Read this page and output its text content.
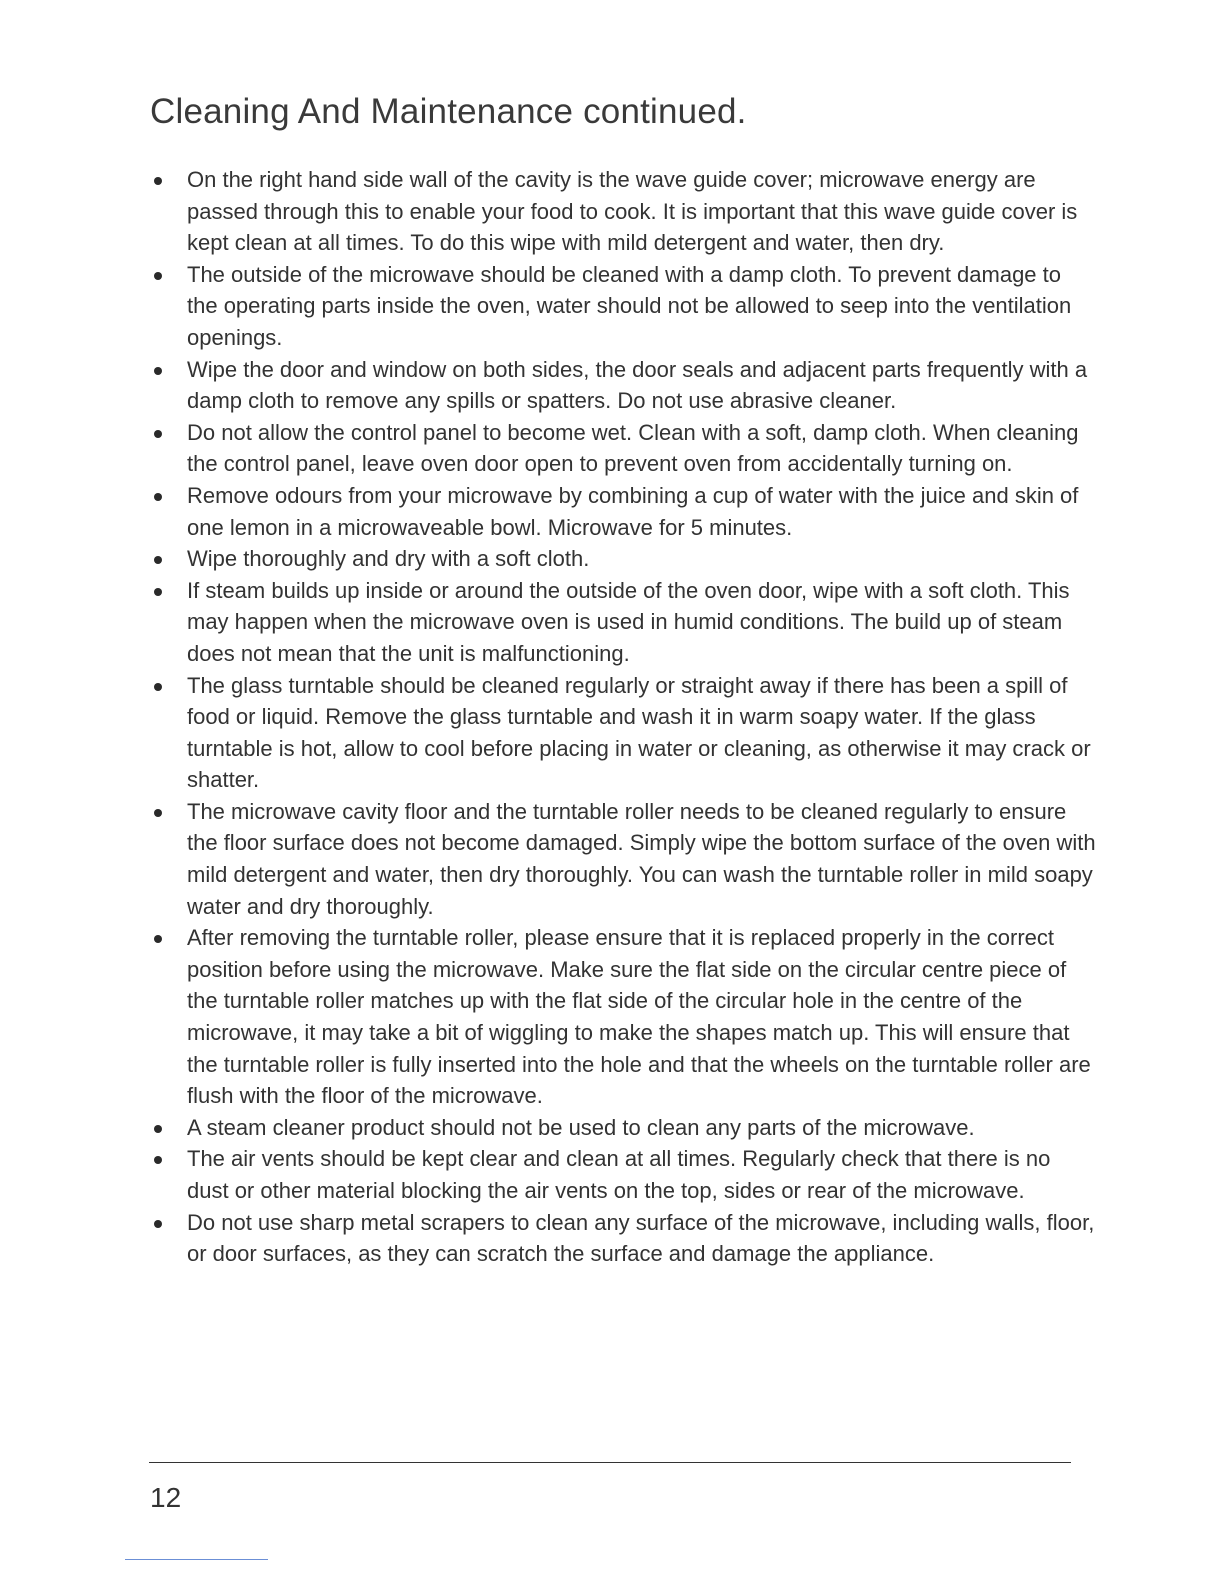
Cleaning And Maintenance continued.
On the right hand side wall of the cavity is the wave guide cover; microwave energy are passed through this to enable your food to cook. It is important that this wave guide cover is kept clean at all times. To do this wipe with mild detergent and water, then dry.
The outside of the microwave should be cleaned with a damp cloth. To prevent damage to the operating parts inside the oven, water should not be allowed to seep into the ventilation openings.
Wipe the door and window on both sides, the door seals and adjacent parts frequently with a damp cloth to remove any spills or spatters. Do not use abrasive cleaner.
Do not allow the control panel to become wet. Clean with a soft, damp cloth. When cleaning the control panel, leave oven door open to prevent oven from accidentally turning on.
Remove odours from your microwave by combining a cup of water with the juice and skin of one lemon in a microwaveable bowl. Microwave for 5 minutes.
Wipe thoroughly and dry with a soft cloth.
If steam builds up inside or around the outside of the oven door, wipe with a soft cloth. This may happen when the microwave oven is used in humid conditions. The build up of steam does not mean that the unit is malfunctioning.
The glass turntable should be cleaned regularly or straight away if there has been a spill of food or liquid. Remove the glass turntable and wash it in warm soapy water. If the glass turntable is hot, allow to cool before placing in water or cleaning, as otherwise it may crack or shatter.
The microwave cavity floor and the turntable roller needs to be cleaned regularly to ensure the floor surface does not become damaged. Simply wipe the bottom surface of the oven with mild detergent and water, then dry thoroughly. You can wash the turntable roller in mild soapy water and dry thoroughly.
After removing the turntable roller, please ensure that it is replaced properly in the correct position before using the microwave. Make sure the flat side on the circular centre piece of the turntable roller matches up with the flat side of the circular hole in the centre of the microwave, it may take a bit of wiggling to make the shapes match up. This will ensure that the turntable roller is fully inserted into the hole and that the wheels on the turntable roller are flush with the floor of the microwave.
A steam cleaner product should not be used to clean any parts of the microwave.
The air vents should be kept clear and clean at all times. Regularly check that there is no dust or other material blocking the air vents on the top, sides or rear of the microwave.
Do not use sharp metal scrapers to clean any surface of the microwave, including walls, floor, or door surfaces, as they can scratch the surface and damage the appliance.
12
